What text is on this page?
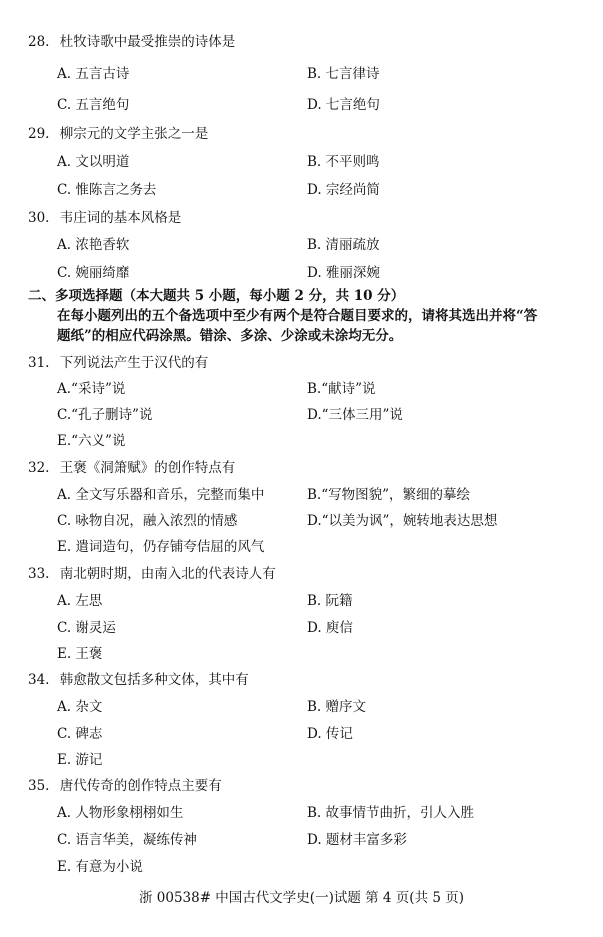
28. 杜牧诗歌中最受推崇的诗体是
A. 五言古诗	B. 七言律诗
C. 五言绝句	D. 七言绝句
29. 柳宗元的文学主张之一是
A. 文以明道	B. 不平则鸣
C. 惟陈言之务去	D. 宗经尚简
30. 韦庄词的基本风格是
A. 浓艳香软	B. 清丽疏放
C. 婉丽绮靡	D. 雅丽深婉
二、多项选择题（本大题共 5 小题，每小题 2 分，共 10 分）
在每小题列出的五个备选项中至少有两个是符合题目要求的，请将其选出并将“答
题纸”的相应代码涂黑。错涂、多涂、少涂或未涂均无分。
31. 下列说法产生于汉代的有
A.“采诗”说	B.“献诗”说
C.“孔子删诗”说	D.“三体三用”说
E.“六义”说
32. 王褒《洞箫赋》的创作特点有
A. 全文写乐器和音乐，完整而集中	B.“写物图貌”，繁细的摹绘
C. 咏物自况，融入浓烈的情感	D.“以美为讽”，婉转地表达思想
E. 遣词造句，仍存铺夸佶屈的风气
33. 南北朝时期，由南入北的代表诗人有
A. 左思	B. 阮籍
C. 谢灵运	D. 庾信
E. 王褒
34. 韩愈散文包括多种文体，其中有
A. 杂文	B. 赠序文
C. 碑志	D. 传记
E. 游记
35. 唐代传奇的创作特点主要有
A. 人物形象栩栩如生	B. 故事情节曲折，引人入胜
C. 语言华美，凝练传神	D. 题材丰富多彩
E. 有意为小说
浙 00538# 中国古代文学史(一)试题 第 4 页(共 5 页)
